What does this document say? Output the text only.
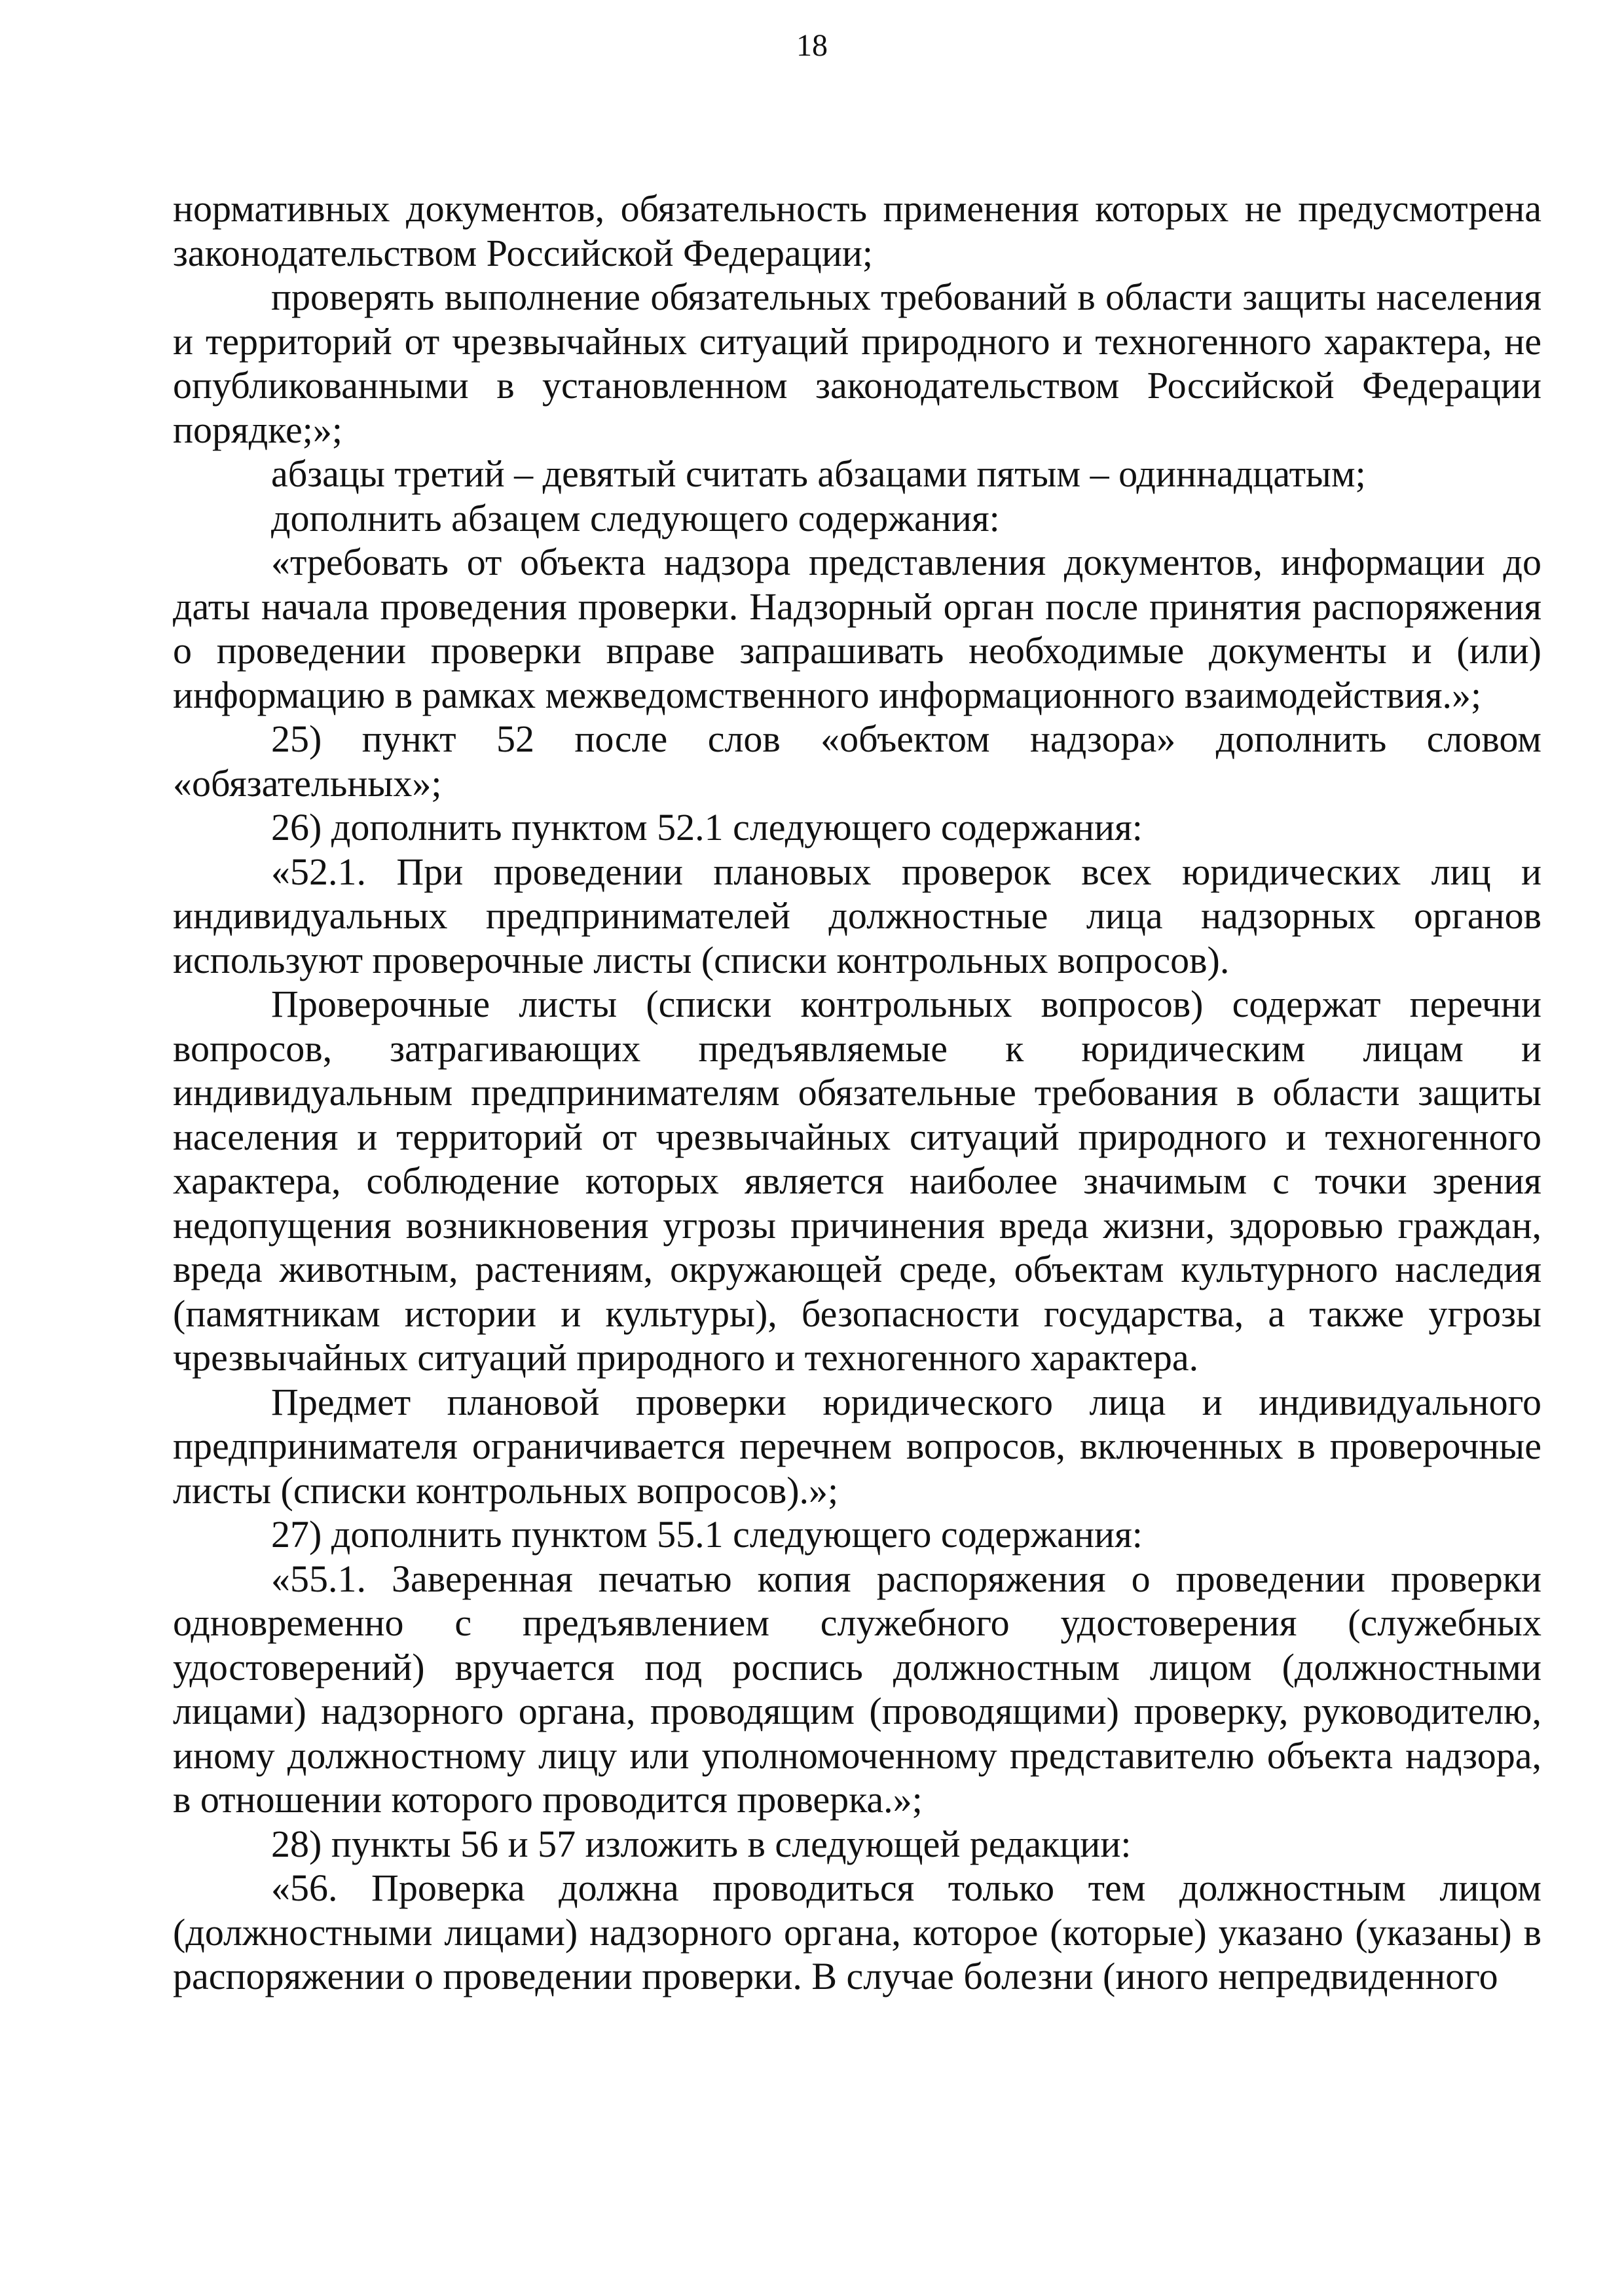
18

нормативных документов, обязательность применения которых не предусмотрена законодательством Российской Федерации;

проверять выполнение обязательных требований в области защиты населения и территорий от чрезвычайных ситуаций природного и техногенного характера, не опубликованными в установленном законодательством Российской Федерации порядке;»;

абзацы третий – девятый считать абзацами пятым – одиннадцатым;

дополнить абзацем следующего содержания:

«требовать от объекта надзора представления документов, информации до даты начала проведения проверки. Надзорный орган после принятия распоряжения о проведении проверки вправе запрашивать необходимые документы и (или) информацию в рамках межведомственного информационного взаимодействия.»;

25) пункт 52 после слов «объектом надзора» дополнить словом «обязательных»;

26) дополнить пунктом 52.1 следующего содержания:

«52.1. При проведении плановых проверок всех юридических лиц и индивидуальных предпринимателей должностные лица надзорных органов используют проверочные листы (списки контрольных вопросов).

Проверочные листы (списки контрольных вопросов) содержат перечни вопросов, затрагивающих предъявляемые к юридическим лицам и индивидуальным предпринимателям обязательные требования в области защиты населения и территорий от чрезвычайных ситуаций природного и техногенного характера, соблюдение которых является наиболее значимым с точки зрения недопущения возникновения угрозы причинения вреда жизни, здоровью граждан, вреда животным, растениям, окружающей среде, объектам культурного наследия (памятникам истории и культуры), безопасности государства, а также угрозы чрезвычайных ситуаций природного и техногенного характера.

Предмет плановой проверки юридического лица и индивидуального предпринимателя ограничивается перечнем вопросов, включенных в проверочные листы (списки контрольных вопросов).»;

27) дополнить пунктом 55.1 следующего содержания:

«55.1. Заверенная печатью копия распоряжения о проведении проверки одновременно с предъявлением служебного удостоверения (служебных удостоверений) вручается под роспись должностным лицом (должностными лицами) надзорного органа, проводящим (проводящими) проверку, руководителю, иному должностному лицу или уполномоченному представителю объекта надзора, в отношении которого проводится проверка.»;

28) пункты 56 и 57 изложить в следующей редакции:

«56. Проверка должна проводиться только тем должностным лицом (должностными лицами) надзорного органа, которое (которые) указано (указаны) в распоряжении о проведении проверки. В случае болезни (иного непредвиденного
